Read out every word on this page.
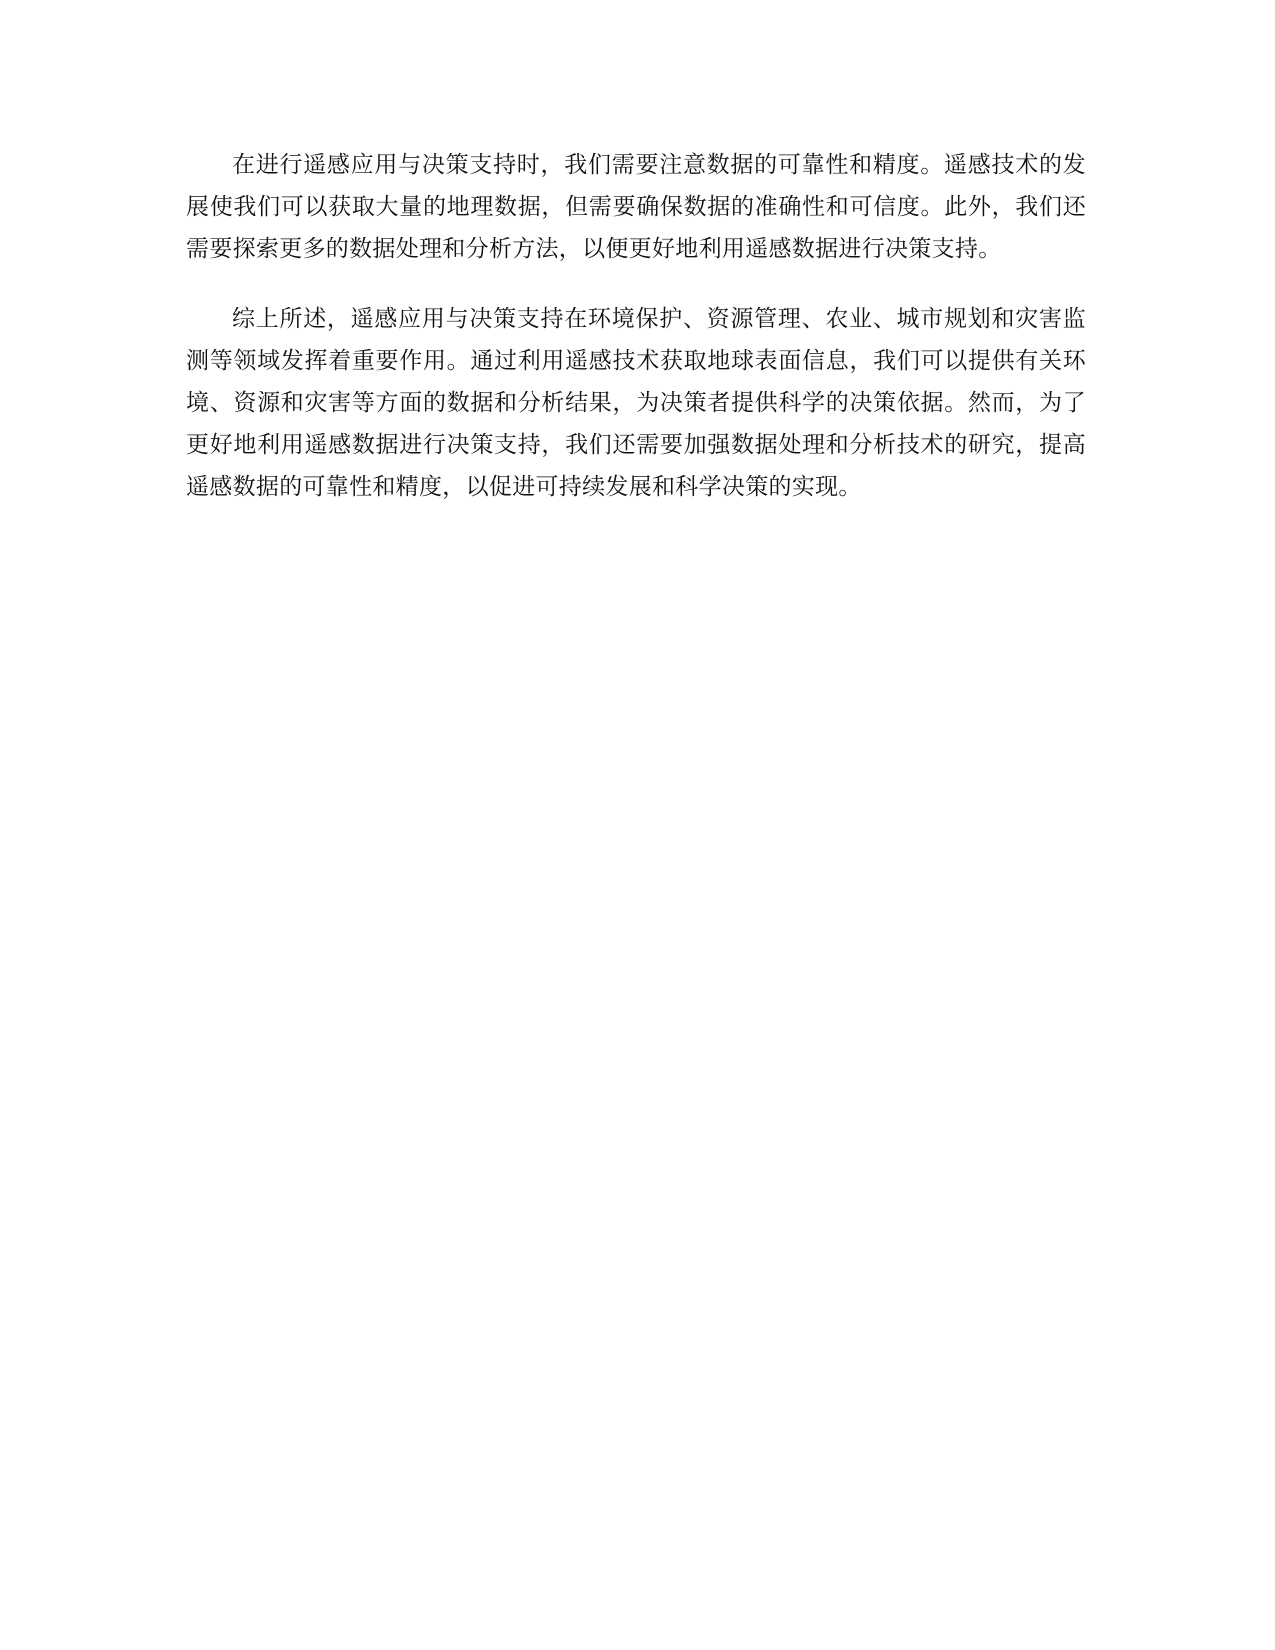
在进行遥感应用与决策支持时，我们需要注意数据的可靠性和精度。遥感技术的发展使我们可以获取大量的地理数据，但需要确保数据的准确性和可信度。此外，我们还需要探索更多的数据处理和分析方法，以便更好地利用遥感数据进行决策支持。

综上所述，遥感应用与决策支持在环境保护、资源管理、农业、城市规划和灾害监测等领域发挥着重要作用。通过利用遥感技术获取地球表面信息，我们可以提供有关环境、资源和灾害等方面的数据和分析结果，为决策者提供科学的决策依据。然而，为了更好地利用遥感数据进行决策支持，我们还需要加强数据处理和分析技术的研究，提高遥感数据的可靠性和精度，以促进可持续发展和科学决策的实现。
